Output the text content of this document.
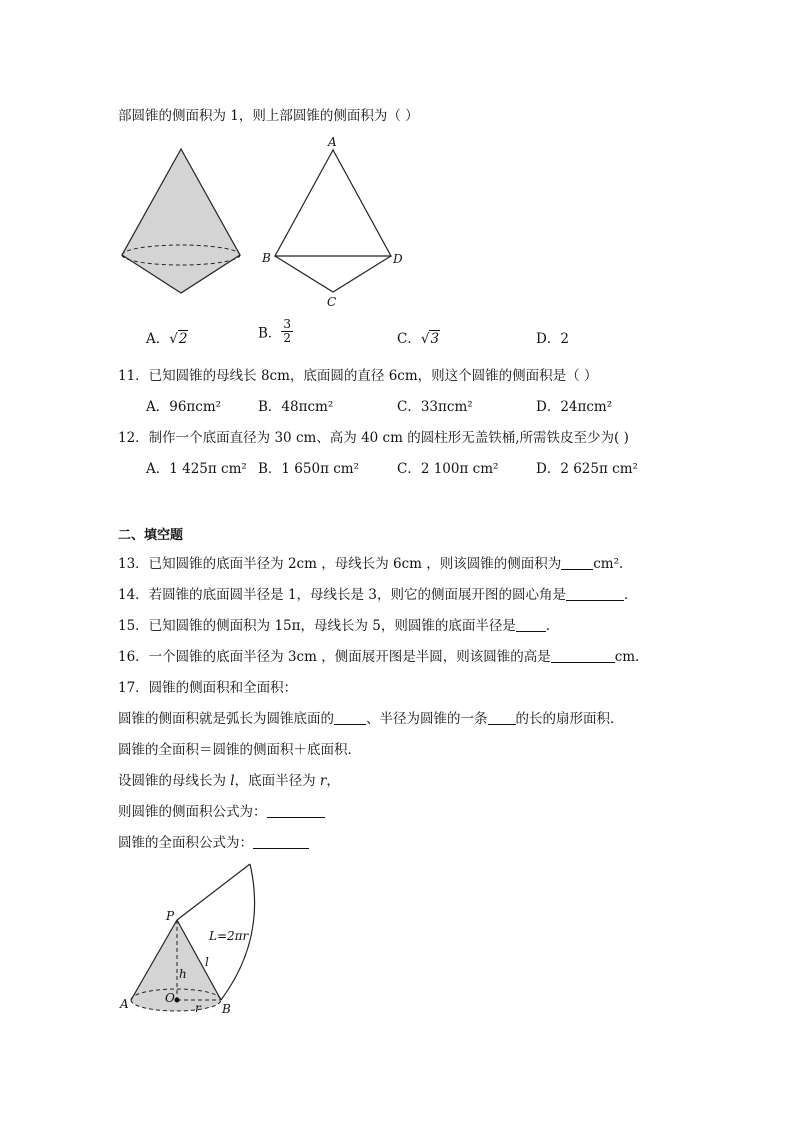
部圆锥的侧面积为 1，则上部圆锥的侧面积为（ ）
A
B	D
C
A．√2	B． $\frac{3}{2}$	C．√3	D．2
11．已知圆锥的母线长 8cm，底面圆的直径 6cm，则这个圆锥的侧面积是（ ）
A．96πcm²	B．48πcm²	C．33πcm²	D．24πcm²
12．制作一个底面直径为 30 cm、高为 40 cm 的圆柱形无盖铁桶,所需铁皮至少为( )
A．1 425π cm² B．1 650π cm²	C．2 100π cm²	D．2 625π cm²
二、填空题
13．已知圆锥的底面半径为 2cm ，母线长为 6cm ，则该圆锥的侧面积为 cm²．
14．若圆锥的底面圆半径是 1，母线长是 3，则它的侧面展开图的圆心角是	．
15．已知圆锥的侧面积为 15π，母线长为 5，则圆锥的底面半径是 ．
16．一个圆锥的底面半径为 3cm ，侧面展开图是半圆，则该圆锥的高是	cm．
17．圆锥的侧面积和全面积：
圆锥的侧面积就是弧长为圆锥底面的 、半径为圆锥的一条 的长的扇形面积．
圆锥的全面积＝圆锥的侧面积＋底面积．
设圆锥的母线长为 l，底面半径为 r，
则圆锥的侧面积公式为：
圆锥的全面积公式为：
P
h
l
L=2πr
A	O
r B
